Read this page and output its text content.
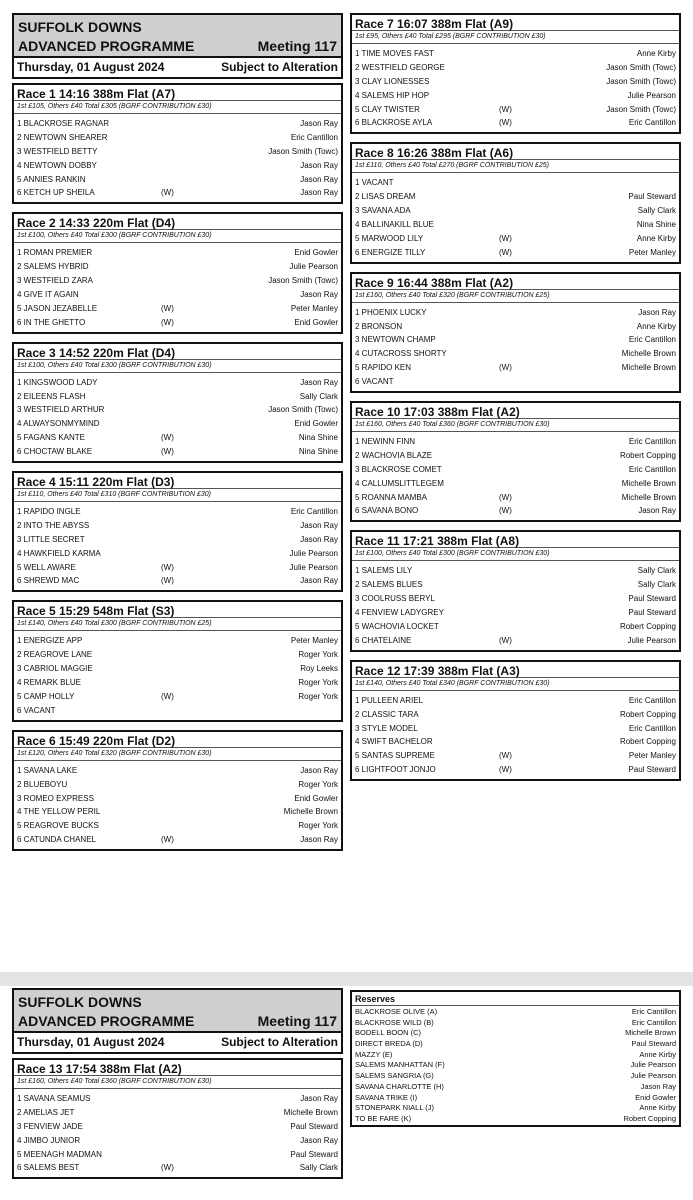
SUFFOLK DOWNS
ADVANCED PROGRAMME	Meeting 117
Thursday, 01 August 2024	Subject to Alteration
Race 1 14:16 388m Flat (A7)
1st £105, Others £40 Total £305 (BGRF CONTRIBUTION £30)
1 BLACKROSE RAGNAR	Jason Ray
2 NEWTOWN SHEARER	Eric Cantillon
3 WESTFIELD BETTY	Jason Smith (Towc)
4 NEWTOWN DOBBY	Jason Ray
5 ANNIES RANKIN	Jason Ray
6 KETCH UP SHEILA	(W)	Jason Ray
Race 2 14:33 220m Flat (D4)
1st £100, Others £40 Total £300 (BGRF CONTRIBUTION £30)
1 ROMAN PREMIER	Enid Gowler
2 SALEMS HYBRID	Julie Pearson
3 WESTFIELD ZARA	Jason Smith (Towc)
4 GIVE IT AGAIN	Jason Ray
5 JASON JEZABELLE	(W)	Peter Manley
6 IN THE GHETTO	(W)	Enid Gowler
Race 3 14:52 220m Flat (D4)
1st £100, Others £40 Total £300 (BGRF CONTRIBUTION £30)
1 KINGSWOOD LADY	Jason Ray
2 EILEENS FLASH	Sally Clark
3 WESTFIELD ARTHUR	Jason Smith (Towc)
4 ALWAYSONMYMIND	Enid Gowler
5 FAGANS KANTE	(W)	Nina Shine
6 CHOCTAW BLAKE	(W)	Nina Shine
Race 4 15:11 220m Flat (D3)
1st £110, Others £40 Total £310 (BGRF CONTRIBUTION £30)
1 RAPIDO INGLE	Eric Cantillon
2 INTO THE ABYSS	Jason Ray
3 LITTLE SECRET	Jason Ray
4 HAWKFIELD KARMA	Julie Pearson
5 WELL AWARE	(W)	Julie Pearson
6 SHREWD MAC	(W)	Jason Ray
Race 5 15:29 548m Flat (S3)
1st £140, Others £40 Total £300 (BGRF CONTRIBUTION £25)
1 ENERGIZE APP	Peter Manley
2 REAGROVE LANE	Roger York
3 CABRIOL MAGGIE	Roy Leeks
4 REMARK BLUE	Roger York
5 CAMP HOLLY	(W)	Roger York
6 VACANT
Race 6 15:49 220m Flat (D2)
1st £120, Others £40 Total £320 (BGRF CONTRIBUTION £30)
1 SAVANA LAKE	Jason Ray
2 BLUEBOYU	Roger York
3 ROMEO EXPRESS	Enid Gowler
4 THE YELLOW PERIL	Michelle Brown
5 REAGROVE BUCKS	Roger York
6 CATUNDA CHANEL	(W)	Jason Ray
Race 7 16:07 388m Flat (A9)
1st £95, Others £40 Total £295 (BGRF CONTRIBUTION £30)
1 TIME MOVES FAST	Anne Kirby
2 WESTFIELD GEORGE	Jason Smith (Towc)
3 CLAY LIONESSES	Jason Smith (Towc)
4 SALEMS HIP HOP	Julie Pearson
5 CLAY TWISTER	(W)	Jason Smith (Towc)
6 BLACKROSE AYLA	(W)	Eric Cantillon
Race 8 16:26 388m Flat (A6)
1st £110, Others £40 Total £270 (BGRF CONTRIBUTION £25)
1 VACANT
2 LISAS DREAM	Paul Steward
3 SAVANA ADA	Sally Clark
4 BALLINAKILL BLUE	Nina Shine
5 MARWOOD LILY	(W)	Anne Kirby
6 ENERGIZE TILLY	(W)	Peter Manley
Race 9 16:44 388m Flat (A2)
1st £160, Others £40 Total £320 (BGRF CONTRIBUTION £25)
1 PHOENIX LUCKY	Jason Ray
2 BRONSON	Anne Kirby
3 NEWTOWN CHAMP	Eric Cantillon
4 CUTACROSS SHORTY	Michelle Brown
5 RAPIDO KEN	(W)	Michelle Brown
6 VACANT
Race 10 17:03 388m Flat (A2)
1st £160, Others £40 Total £360 (BGRF CONTRIBUTION £30)
1 NEWINN FINN	Eric Cantillon
2 WACHOVIA BLAZE	Robert Copping
3 BLACKROSE COMET	Eric Cantillon
4 CALLUMSLITTLEGEM	Michelle Brown
5 ROANNA MAMBA	(W)	Michelle Brown
6 SAVANA BONO	(W)	Jason Ray
Race 11 17:21 388m Flat (A8)
1st £100, Others £40 Total £300 (BGRF CONTRIBUTION £30)
1 SALEMS LILY	Sally Clark
2 SALEMS BLUES	Sally Clark
3 COOLRUSS BERYL	Paul Steward
4 FENVIEW LADYGREY	Paul Steward
5 WACHOVIA LOCKET	Robert Copping
6 CHATELAINE	(W)	Julie Pearson
Race 12 17:39 388m Flat (A3)
1st £140, Others £40 Total £340 (BGRF CONTRIBUTION £30)
1 PULLEEN ARIEL	Eric Cantillon
2 CLASSIC TARA	Robert Copping
3 STYLE MODEL	Eric Cantillon
4 SWIFT BACHELOR	Robert Copping
5 SANTAS SUPREME	(W)	Peter Manley
6 LIGHTFOOT JONJO	(W)	Paul Steward
SUFFOLK DOWNS
ADVANCED PROGRAMME	Meeting 117
Thursday, 01 August 2024	Subject to Alteration
Race 13 17:54 388m Flat (A2)
1st £160, Others £40 Total £360 (BGRF CONTRIBUTION £30)
1 SAVANA SEAMUS	Jason Ray
2 AMELIAS JET	Michelle Brown
3 FENVIEW JADE	Paul Steward
4 JIMBO JUNIOR	Jason Ray
5 MEENAGH MADMAN	Paul Steward
6 SALEMS BEST	(W)	Sally Clark
Reserves
BLACKROSE OLIVE (A)	Eric Cantillon
BLACKROSE WILD (B)	Eric Cantillon
BODELL BOON (C)	Michelle Brown
DIRECT BREDA (D)	Paul Steward
MAZZY (E)	Anne Kirby
SALEMS MANHATTAN (F)	Julie Pearson
SALEMS SANGRIA (G)	Julie Pearson
SAVANA CHARLOTTE (H)	Jason Ray
SAVANA TRIKE (I)	Enid Gowler
STONEPARK NIALL (J)	Anne Kirby
TO BE FARE (K)	Robert Copping
